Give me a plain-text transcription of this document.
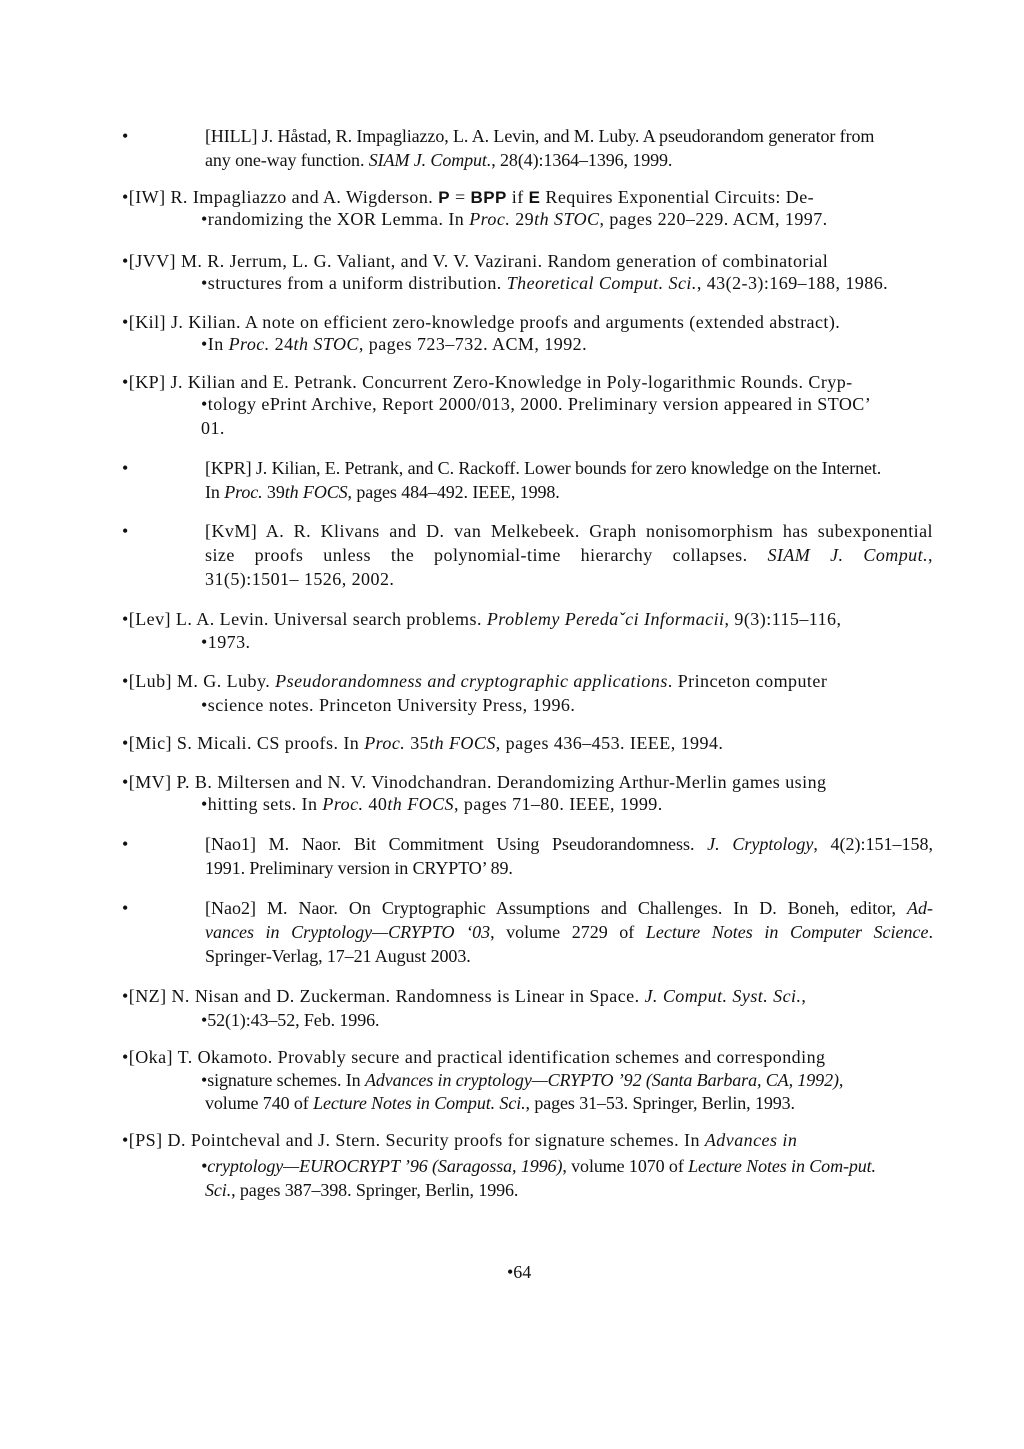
•	[HILL] J. Håstad, R. Impagliazzo, L. A. Levin, and M. Luby. A pseudorandom generator from
any one-way function. SIAM J. Comput., 28(4):1364–1396, 1999.
•[IW] R. Impagliazzo and A. Wigderson. P = BPP if E Requires Exponential Circuits: De-
•randomizing the XOR Lemma. In Proc. 29th STOC, pages 220–229. ACM, 1997.
•[JVV] M. R. Jerrum, L. G. Valiant, and V. V. Vazirani. Random generation of combinatorial
•structures from a uniform distribution. Theoretical Comput. Sci., 43(2-3):169–188, 1986.
•[Kil] J. Kilian. A note on efficient zero-knowledge proofs and arguments (extended abstract).
•In Proc. 24th STOC, pages 723–732. ACM, 1992.
•[KP] J. Kilian and E. Petrank. Concurrent Zero-Knowledge in Poly-logarithmic Rounds. Cryp-
•tology ePrint Archive, Report 2000/013, 2000. Preliminary version appeared in STOC’
01.
•	[KPR] J. Kilian, E. Petrank, and C. Rackoff. Lower bounds for zero knowledge on the Internet.
In Proc. 39th FOCS, pages 484–492. IEEE, 1998.
•	[KvM] A. R. Klivans and D. van Melkebeek. Graph nonisomorphism has subexponential
size proofs unless the polynomial-time hierarchy collapses. SIAM J. Comput.,
31(5):1501– 1526, 2002.
•[Lev] L. A. Levin. Universal search problems. Problemy Peredaˇci Informacii, 9(3):115–116,
•1973.
•[Lub] M. G. Luby. Pseudorandomness and cryptographic applications. Princeton computer
•science notes. Princeton University Press, 1996.
•[Mic] S. Micali. CS proofs. In Proc. 35th FOCS, pages 436–453. IEEE, 1994.
•[MV] P. B. Miltersen and N. V. Vinodchandran. Derandomizing Arthur-Merlin games using
•hitting sets. In Proc. 40th FOCS, pages 71–80. IEEE, 1999.
•	[Nao1] M. Naor. Bit Commitment Using Pseudorandomness. J. Cryptology, 4(2):151–158,
1991. Preliminary version in CRYPTO’ 89.
•	[Nao2] M. Naor. On Cryptographic Assumptions and Challenges. In D. Boneh, editor, Ad-
vances in Cryptology—CRYPTO ‘03, volume 2729 of Lecture Notes in Computer Science.
Springer-Verlag, 17–21 August 2003.
•[NZ] N. Nisan and D. Zuckerman. Randomness is Linear in Space. J. Comput. Syst. Sci.,
•52(1):43–52, Feb. 1996.
•[Oka] T. Okamoto. Provably secure and practical identification schemes and corresponding
•signature schemes. In Advances in cryptology—CRYPTO ’92 (Santa Barbara, CA, 1992),
volume 740 of Lecture Notes in Comput. Sci., pages 31–53. Springer, Berlin, 1993.
•[PS] D. Pointcheval and J. Stern. Security proofs for signature schemes. In Advances in
•cryptology—EUROCRYPT ’96 (Saragossa, 1996), volume 1070 of Lecture Notes in Com-put.
Sci., pages 387–398. Springer, Berlin, 1996.
•64
